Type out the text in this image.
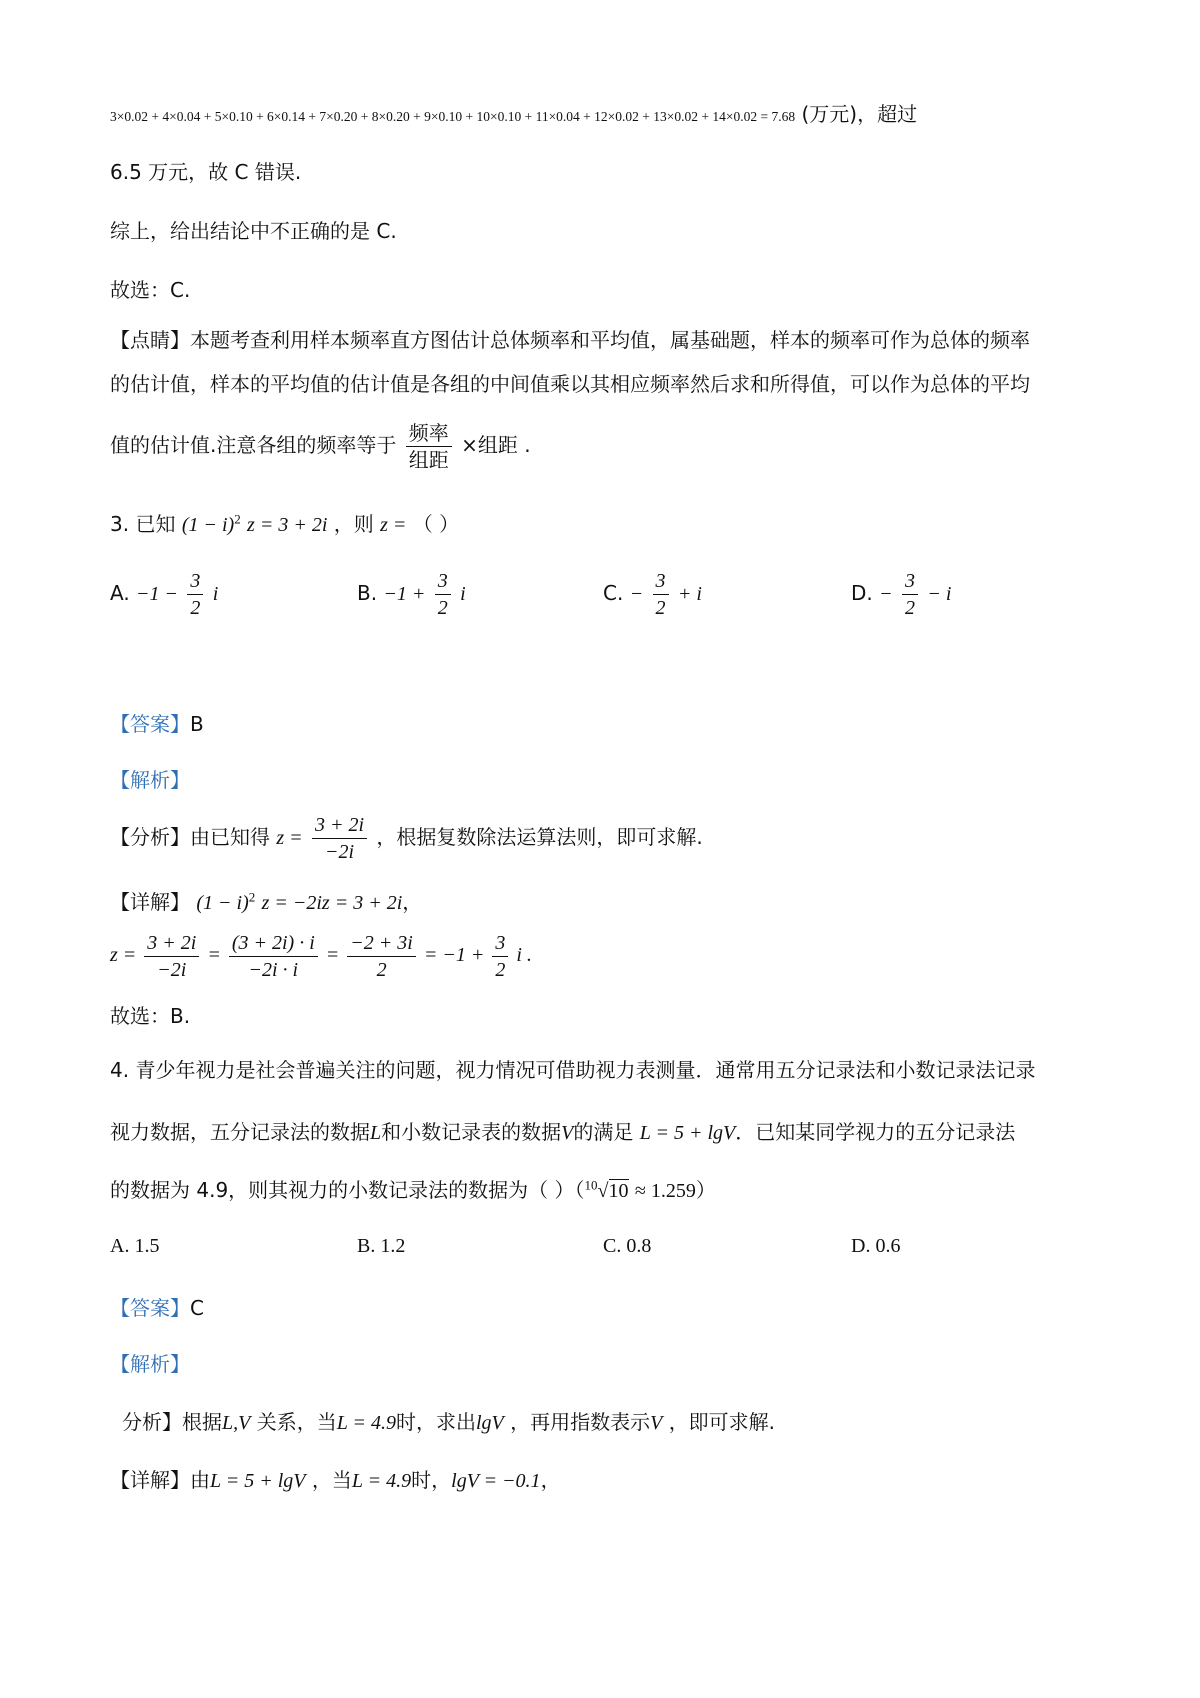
3×0.02 + 4×0.04 + 5×0.10 + 6×0.14 + 7×0.20 + 8×0.20 + 9×0.10 + 10×0.10 + 11×0.04 + 12×0.02 + 13×0.02 + 14×0.02 = 7.68 (万元)，超过
6.5 万元，故 C 错误.
综上，给出结论中不正确的是 C.
故选：C.
【点睛】本题考查利用样本频率直方图估计总体频率和平均值，属基础题，样本的频率可作为总体的频率
的估计值，样本的平均值的估计值是各组的中间值乘以其相应频率然后求和所得值，可以作为总体的平均
值的估计值.注意各组的频率等于 $\frac{\text{频率}}{\text{组距}}$ ×组距 .
3. 已知 $(1 - i)^2$ z = 3 + 2i ，则 z = （ ）
A. $-1 - \frac{3}{2}$ i	B. $-1 + \frac{3}{2}$ i	C. − $\frac{3}{2} + i$	D. − $\frac{3}{2} - i$
【答案】B
【解析】
【分析】由已知得 $z = \frac{3 + 2i}{-2i}$ ，根据复数除法运算法则，即可求解.
【详解】 $(1 - i)^2$ z = −2iz = 3 + 2i，
$z = \frac{3 + 2i}{-2i} = \frac{(3 + 2i) \cdot i}{-2i \cdot i} = \frac{-2 + 3i}{2} = -1 + \frac{3}{2}$ i .
故选：B.
4. 青少年视力是社会普遍关注的问题，视力情况可借助视力表测量．通常用五分记录法和小数记录法记录
视力数据，五分记录法的数据L和小数记录表的数据V的满足 L = 5 + lgV．已知某同学视力的五分记录法
的数据为 4.9，则其视力的小数记录法的数据为（ ）（$^{10}$√10 ≈ 1.259）
A. 1.5	B. 1.2	C. 0.8	D. 0.6
【答案】C
【解析】
分析】根据L,V 关系，当L = 4.9时，求出lgV ，再用指数表示V ，即可求解.
【详解】由L = 5 + lgV ，当L = 4.9时，lgV = −0.1，
